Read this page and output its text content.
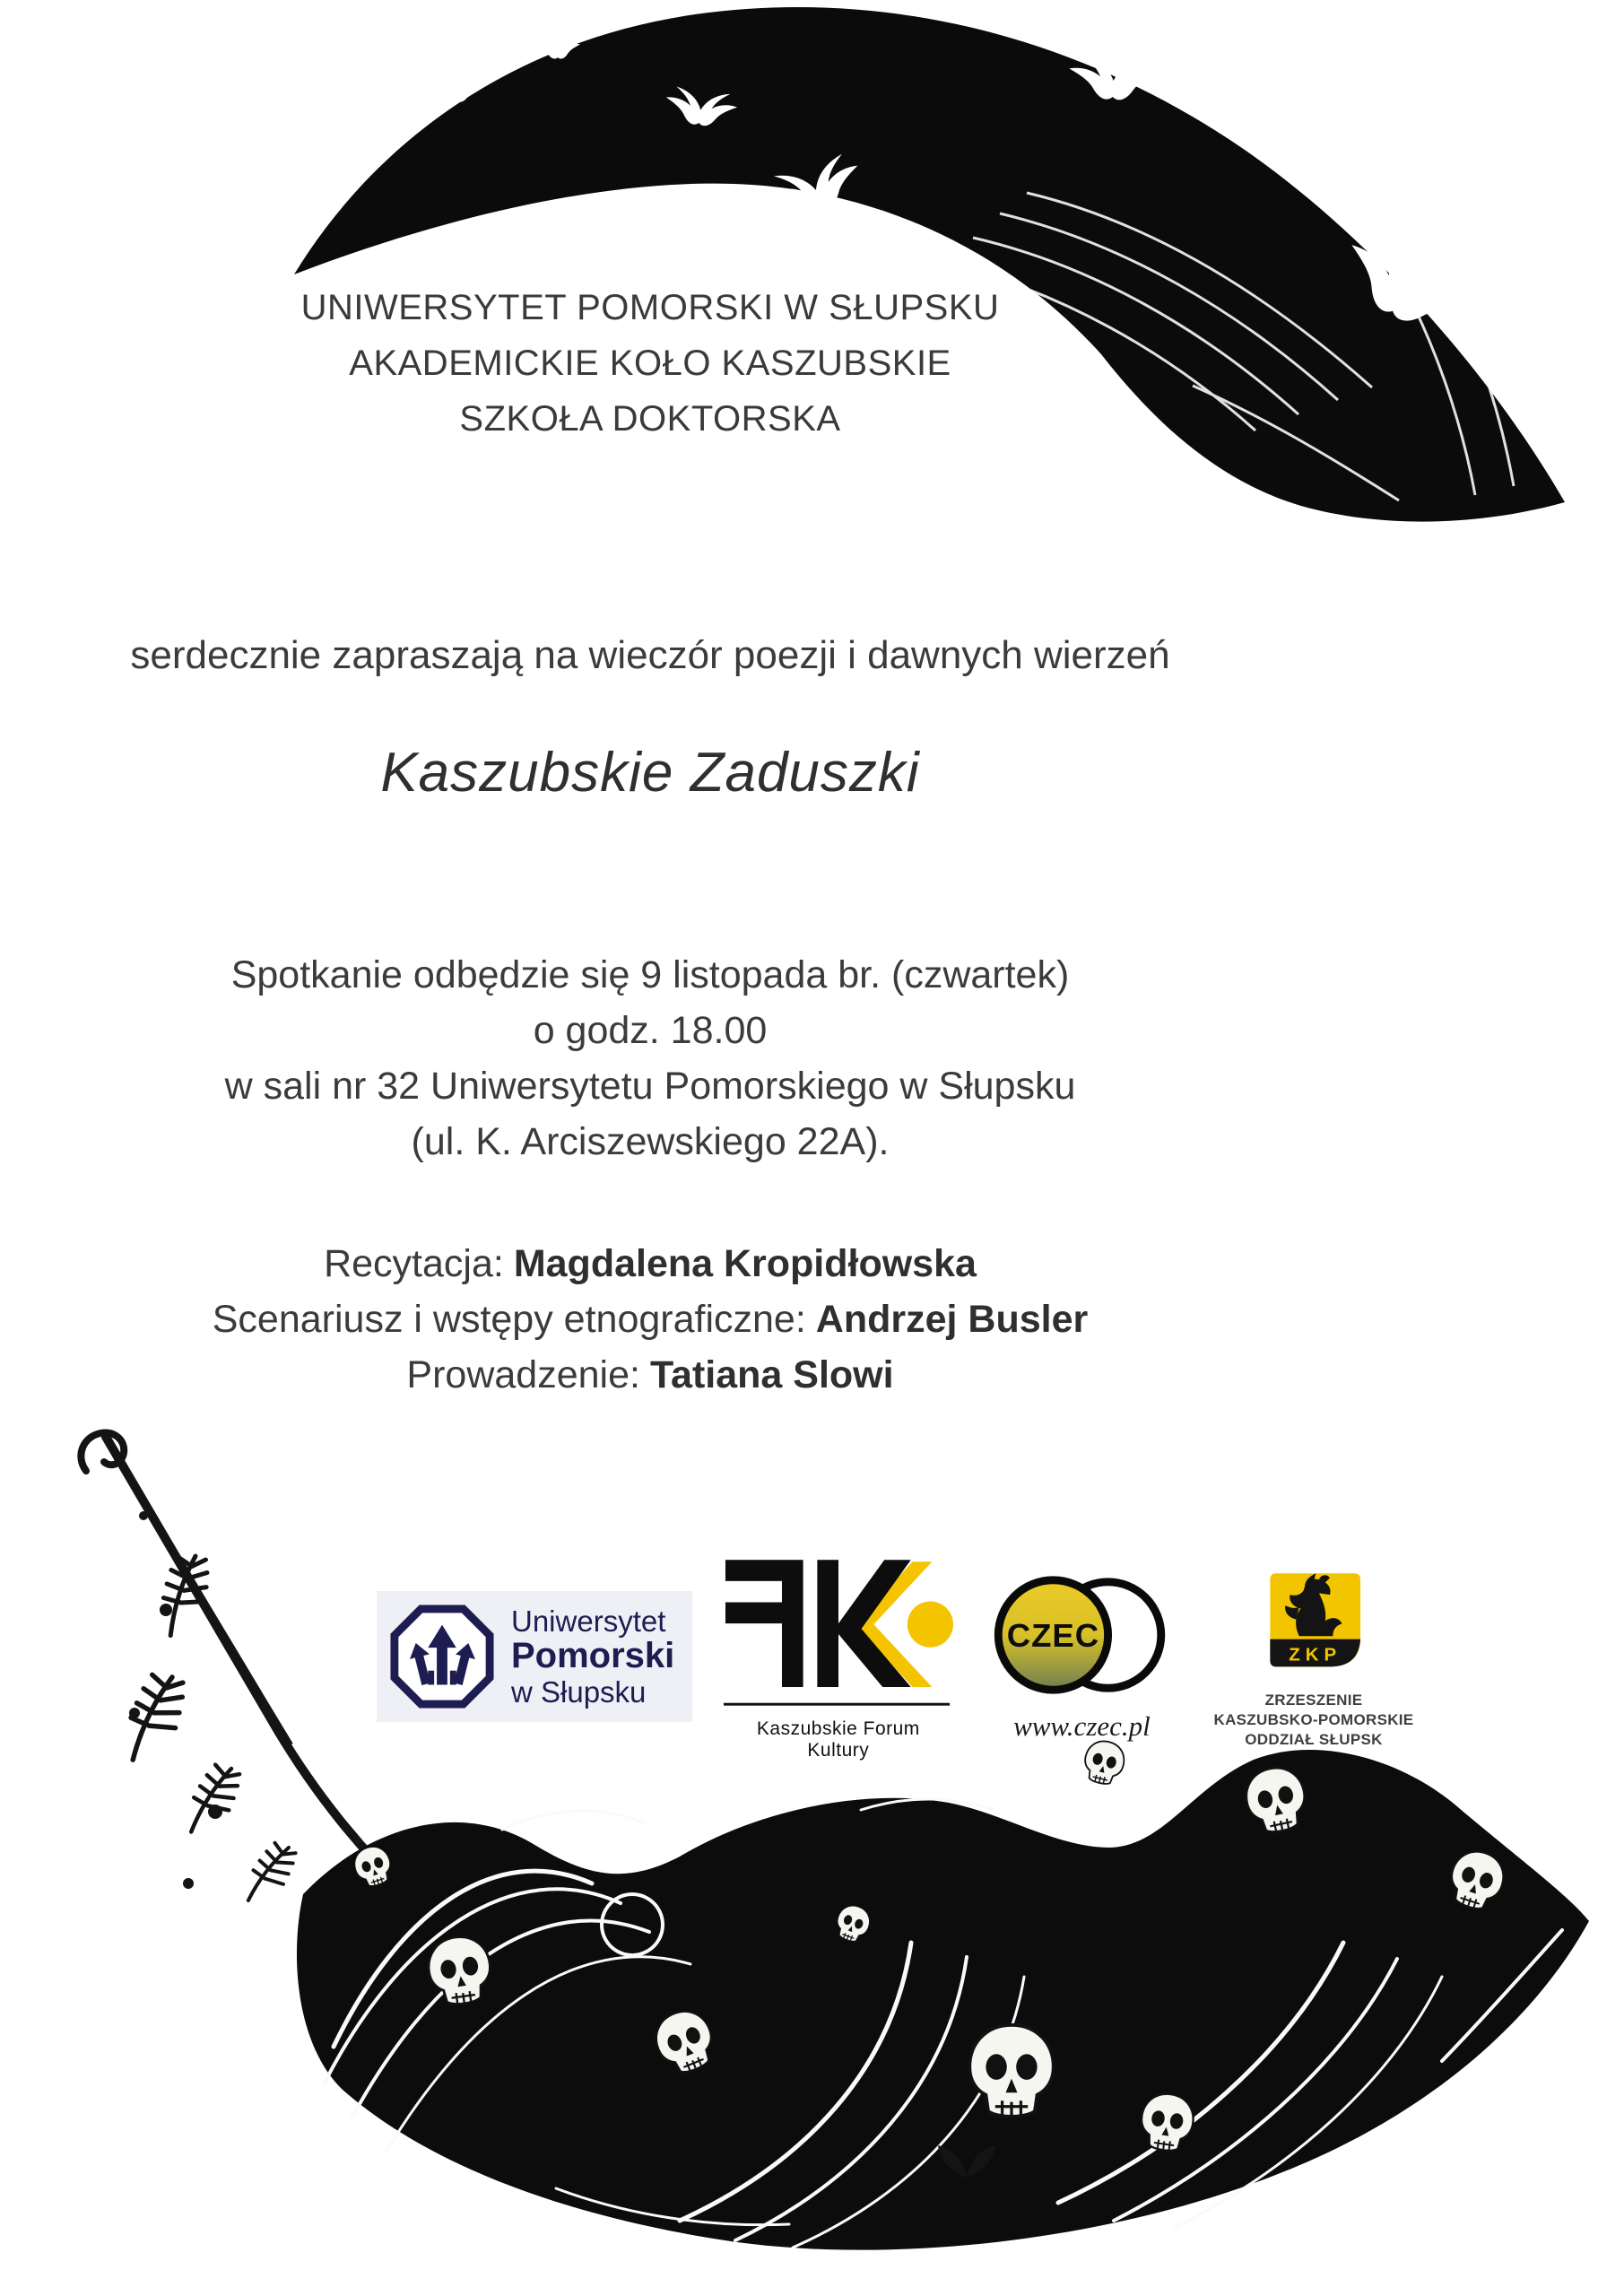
UNIWERSYTET POMORSKI W SŁUPSKU
AKADEMICKIE KOŁO KASZUBSKIE
SZKOŁA DOKTORSKA
serdecznie zapraszają na wieczór poezji i dawnych wierzeń
Kaszubskie Zaduszki
Spotkanie odbędzie się 9 listopada br. (czwartek)
o godz. 18.00
w sali nr 32 Uniwersytetu Pomorskiego w Słupsku
(ul. K. Arciszewskiego 22A).
Recytacja: Magdalena Kropidłowska
Scenariusz i wstępy etnograficzne: Andrzej Busler
Prowadzenie: Tatiana Slowi
Uniwersytet
Pomorski
w Słupsku
Kaszubskie Forum Kultury
CZEC
www.czec.pl
ZKP
ZRZESZENIE
KASZUBSKO-POMORSKIE
ODDZIAŁ SŁUPSK
